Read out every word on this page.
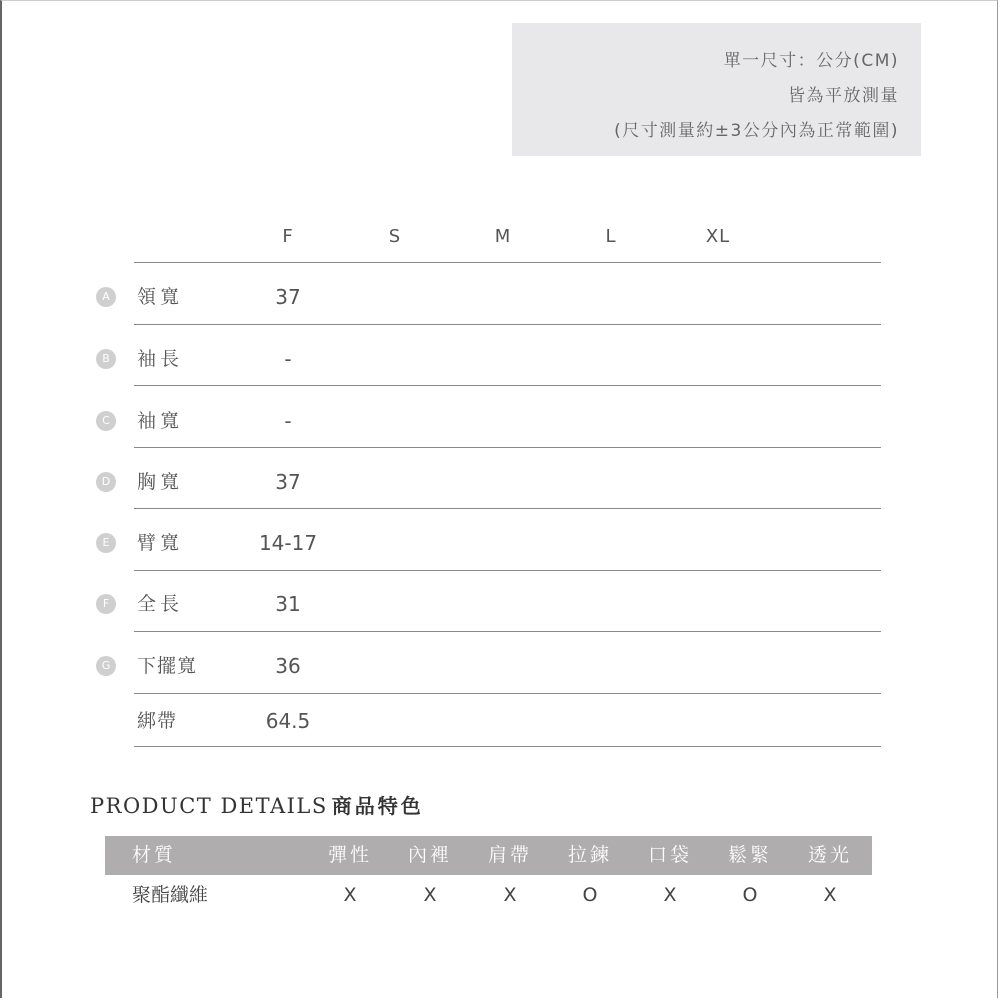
單一尺寸：公分(CM)
皆為平放測量
(尺寸測量約±3公分內為正常範圍)
F	S	M	L	XL
A	領寬	37
B	袖長	-
C	袖寬	-
D	胸寬	37
E	臂寬	14-17
F	全長	31
G	下擺寬	36
綁帶	64.5
PRODUCT DETAILS 商品特色
材質	彈性	內裡	肩帶	拉鍊	口袋	鬆緊	透光
聚酯纖維	X	X	X	O	X	O	X
